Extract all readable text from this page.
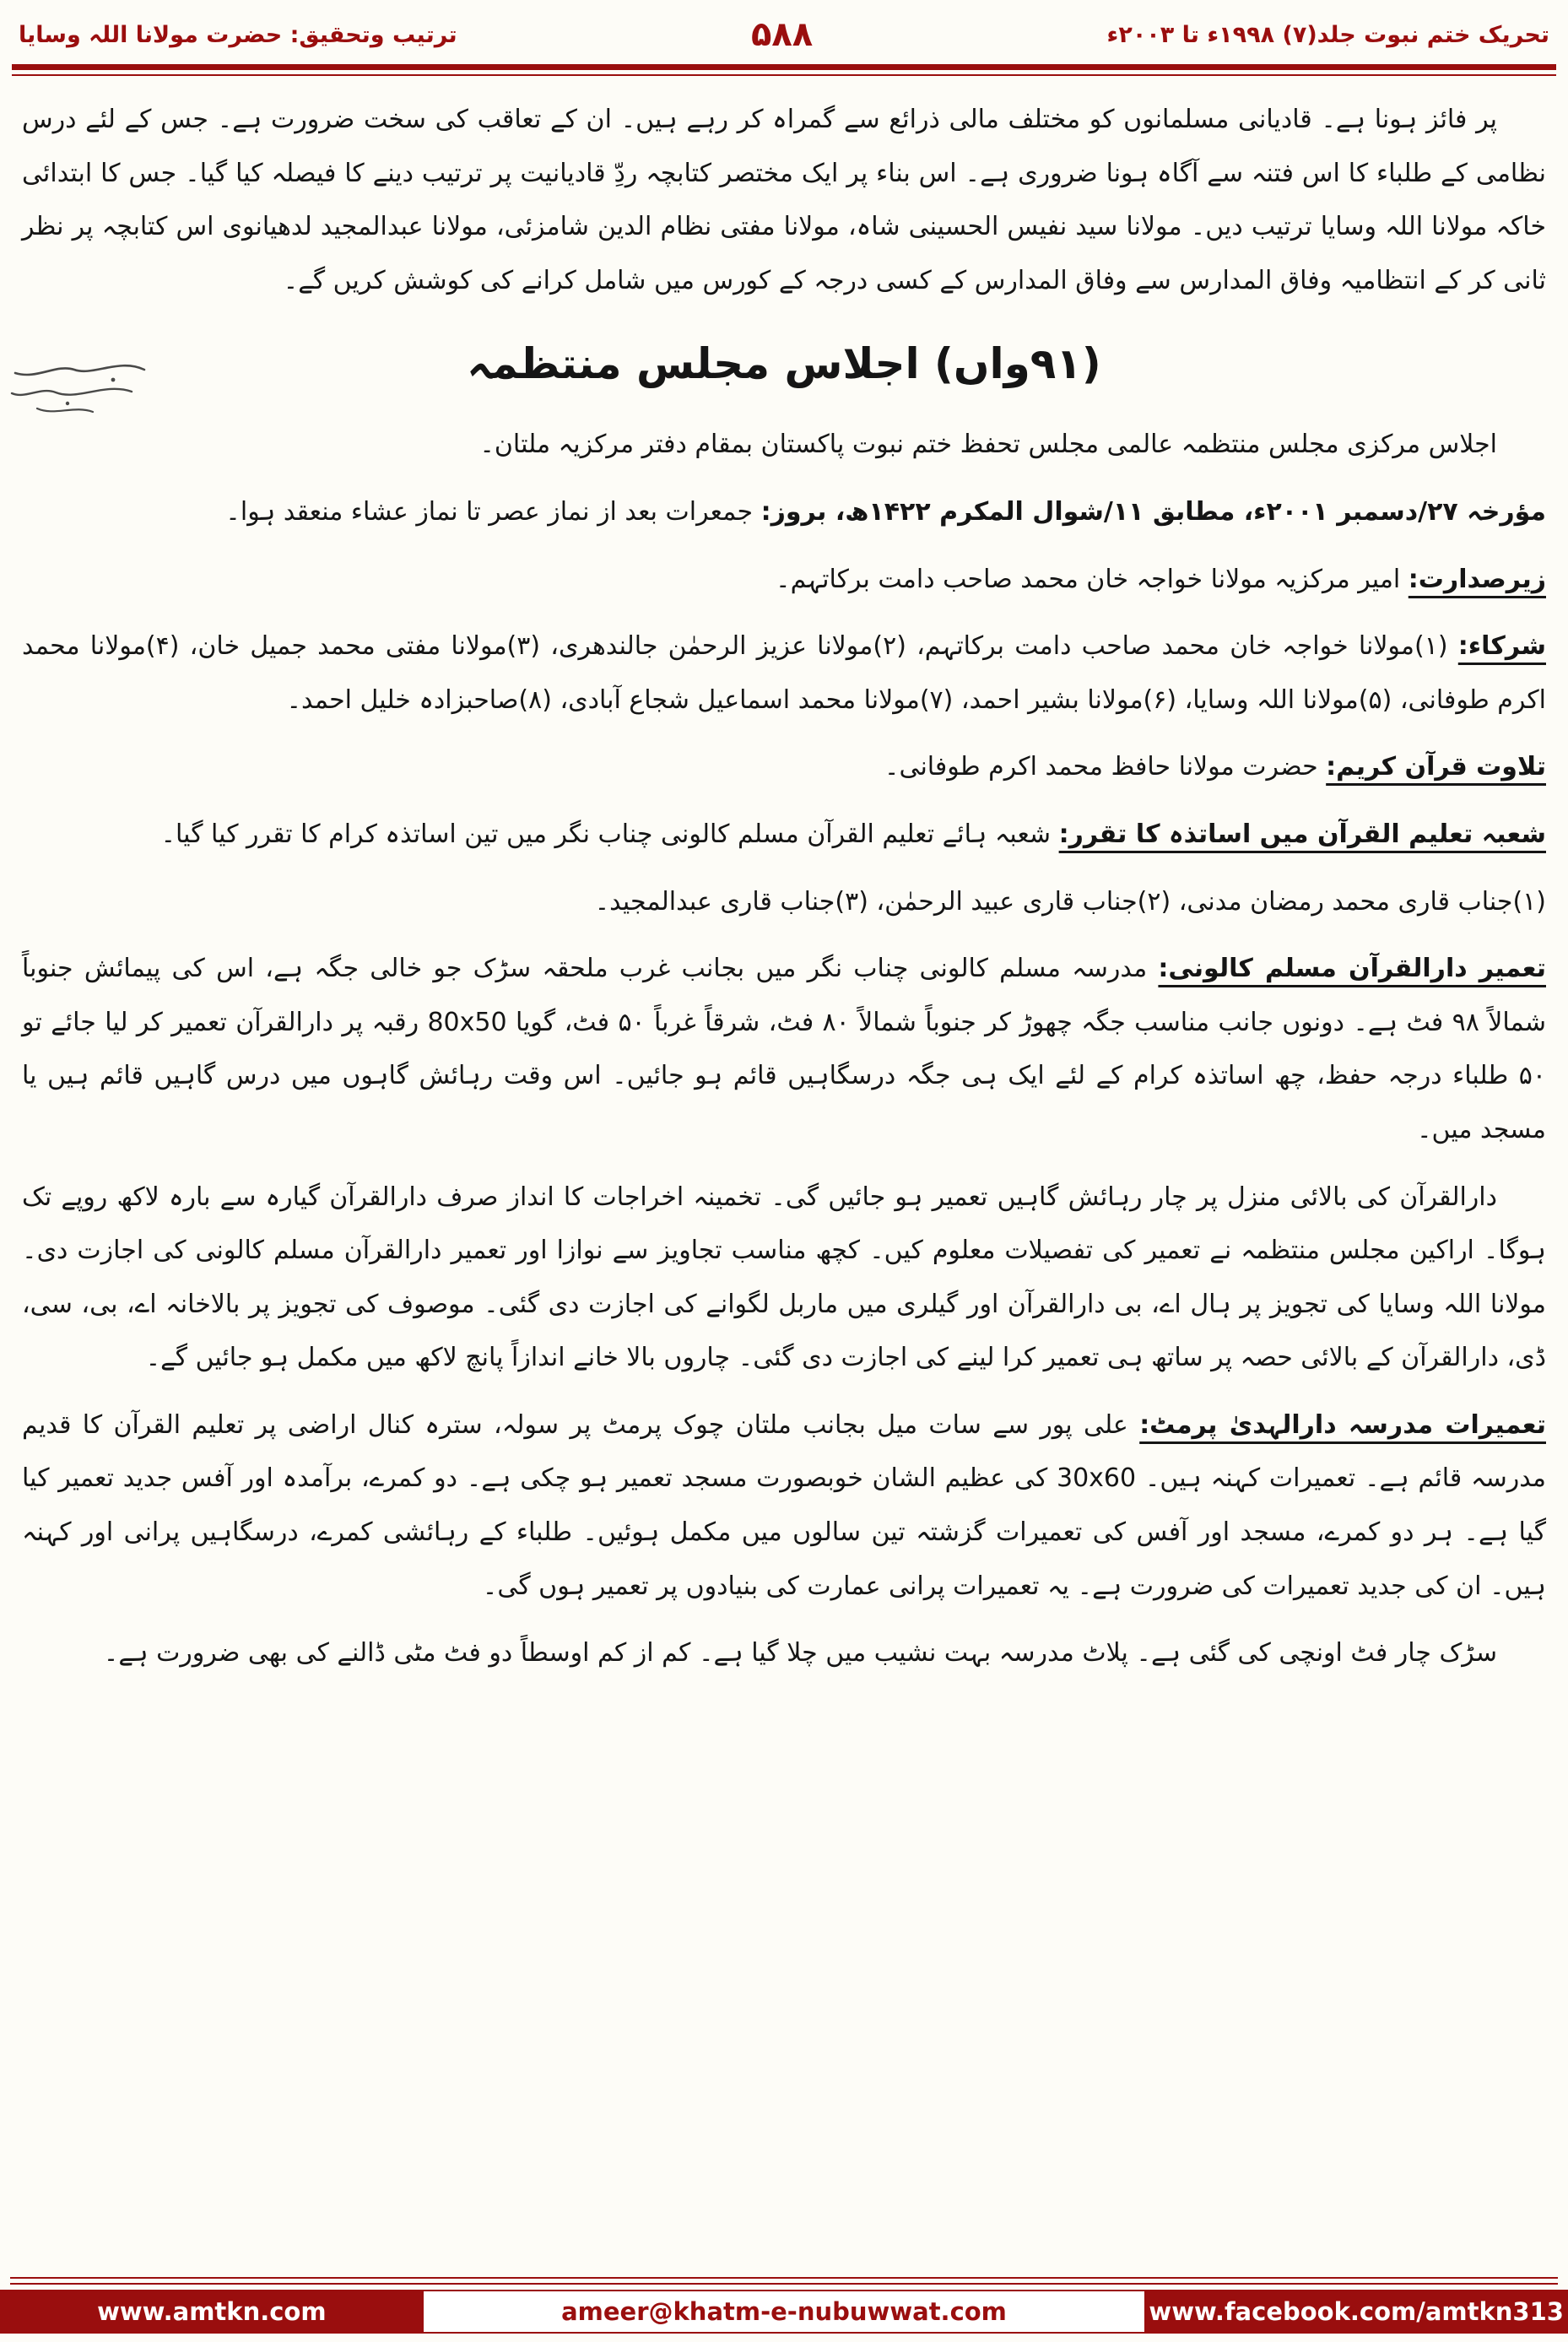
ترتیب وتحقیق: حضرت مولانا اللہ وسایا	۵۸۸	تحریک ختم نبوت جلد(۷) ۱۹۹۸ء تا ۲۰۰۳ء

پر فائز ہونا ہے۔ قادیانی مسلمانوں کو مختلف مالی ذرائع سے گمراہ کر رہے ہیں۔ ان کے تعاقب کی سخت ضرورت ہے۔ جس کے لئے درس نظامی کے طلباء کا اس فتنہ سے آگاہ ہونا ضروری ہے۔ اس بناء پر ایک مختصر کتابچہ ردِّ قادیانیت پر ترتیب دینے کا فیصلہ کیا گیا۔ جس کا ابتدائی خاکہ مولانا اللہ وسایا ترتیب دیں۔ مولانا سید نفیس الحسینی شاہ، مولانا مفتی نظام الدین شامزئی، مولانا عبدالمجید لدھیانوی اس کتابچہ پر نظر ثانی کر کے انتظامیہ وفاق المدارس سے وفاق المدارس کے کسی درجہ کے کورس میں شامل کرانے کی کوشش کریں گے۔

(۹۱واں) اجلاس مجلس منتظمہ

اجلاس مرکزی مجلس منتظمہ عالمی مجلس تحفظ ختم نبوت پاکستان بمقام دفتر مرکزیہ ملتان۔

مؤرخہ ۲۷/دسمبر ۲۰۰۱ء، مطابق ۱۱/شوال المکرم ۱۴۲۲ھ، بروز: جمعرات بعد از نماز عصر تا نماز عشاء منعقد ہوا۔

زیرصدارت: امیر مرکزیہ مولانا خواجہ خان محمد صاحب دامت برکاتہم۔

شرکاء: (۱)مولانا خواجہ خان محمد صاحب دامت برکاتہم، (۲)مولانا عزیز الرحمٰن جالندھری، (۳)مولانا مفتی محمد جمیل خان، (۴)مولانا محمد اکرم طوفانی، (۵)مولانا اللہ وسایا، (۶)مولانا بشیر احمد، (۷)مولانا محمد اسماعیل شجاع آبادی، (۸)صاحبزادہ خلیل احمد۔

تلاوت قرآن کریم: حضرت مولانا حافظ محمد اکرم طوفانی۔

شعبہ تعلیم القرآن میں اساتذہ کا تقرر: شعبہ ہائے تعلیم القرآن مسلم کالونی چناب نگر میں تین اساتذہ کرام کا تقرر کیا گیا۔

(۱)جناب قاری محمد رمضان مدنی، (۲)جناب قاری عبید الرحمٰن، (۳)جناب قاری عبدالمجید۔

تعمیر دارالقرآن مسلم کالونی: مدرسہ مسلم کالونی چناب نگر میں بجانب غرب ملحقہ سڑک جو خالی جگہ ہے، اس کی پیمائش جنوباً شمالاً ۹۸ فٹ ہے۔ دونوں جانب مناسب جگہ چھوڑ کر جنوباً شمالاً ۸۰ فٹ، شرقاً غرباً ۵۰ فٹ، گویا 80x50 رقبہ پر دارالقرآن تعمیر کر لیا جائے تو ۵۰ طلباء درجہ حفظ، چھ اساتذہ کرام کے لئے ایک ہی جگہ درسگاہیں قائم ہو جائیں۔ اس وقت رہائش گاہوں میں درس گاہیں قائم ہیں یا مسجد میں۔

دارالقرآن کی بالائی منزل پر چار رہائش گاہیں تعمیر ہو جائیں گی۔ تخمینہ اخراجات کا انداز صرف دارالقرآن گیارہ سے بارہ لاکھ روپے تک ہوگا۔ اراکین مجلس منتظمہ نے تعمیر کی تفصیلات معلوم کیں۔ کچھ مناسب تجاویز سے نوازا اور تعمیر دارالقرآن مسلم کالونی کی اجازت دی۔ مولانا اللہ وسایا کی تجویز پر ہال اے، بی دارالقرآن اور گیلری میں ماربل لگوانے کی اجازت دی گئی۔ موصوف کی تجویز پر بالاخانہ اے، بی، سی، ڈی، دارالقرآن کے بالائی حصہ پر ساتھ ہی تعمیر کرا لینے کی اجازت دی گئی۔ چاروں بالا خانے اندازاً پانچ لاکھ میں مکمل ہو جائیں گے۔

تعمیرات مدرسہ دارالہدیٰ پرمٹ: علی پور سے سات میل بجانب ملتان چوک پرمٹ پر سولہ، سترہ کنال اراضی پر تعلیم القرآن کا قدیم مدرسہ قائم ہے۔ تعمیرات کہنہ ہیں۔ 30x60 کی عظیم الشان خوبصورت مسجد تعمیر ہو چکی ہے۔ دو کمرے، برآمدہ اور آفس جدید تعمیر کیا گیا ہے۔ ہر دو کمرے، مسجد اور آفس کی تعمیرات گزشتہ تین سالوں میں مکمل ہوئیں۔ طلباء کے رہائشی کمرے، درسگاہیں پرانی اور کہنہ ہیں۔ ان کی جدید تعمیرات کی ضرورت ہے۔ یہ تعمیرات پرانی عمارت کی بنیادوں پر تعمیر ہوں گی۔

سڑک چار فٹ اونچی کی گئی ہے۔ پلاٹ مدرسہ بہت نشیب میں چلا گیا ہے۔ کم از کم اوسطاً دو فٹ مٹی ڈالنے کی بھی ضرورت ہے۔

www.amtkn.com	ameer@khatm-e-nubuwwat.com	www.facebook.com/amtkn313
